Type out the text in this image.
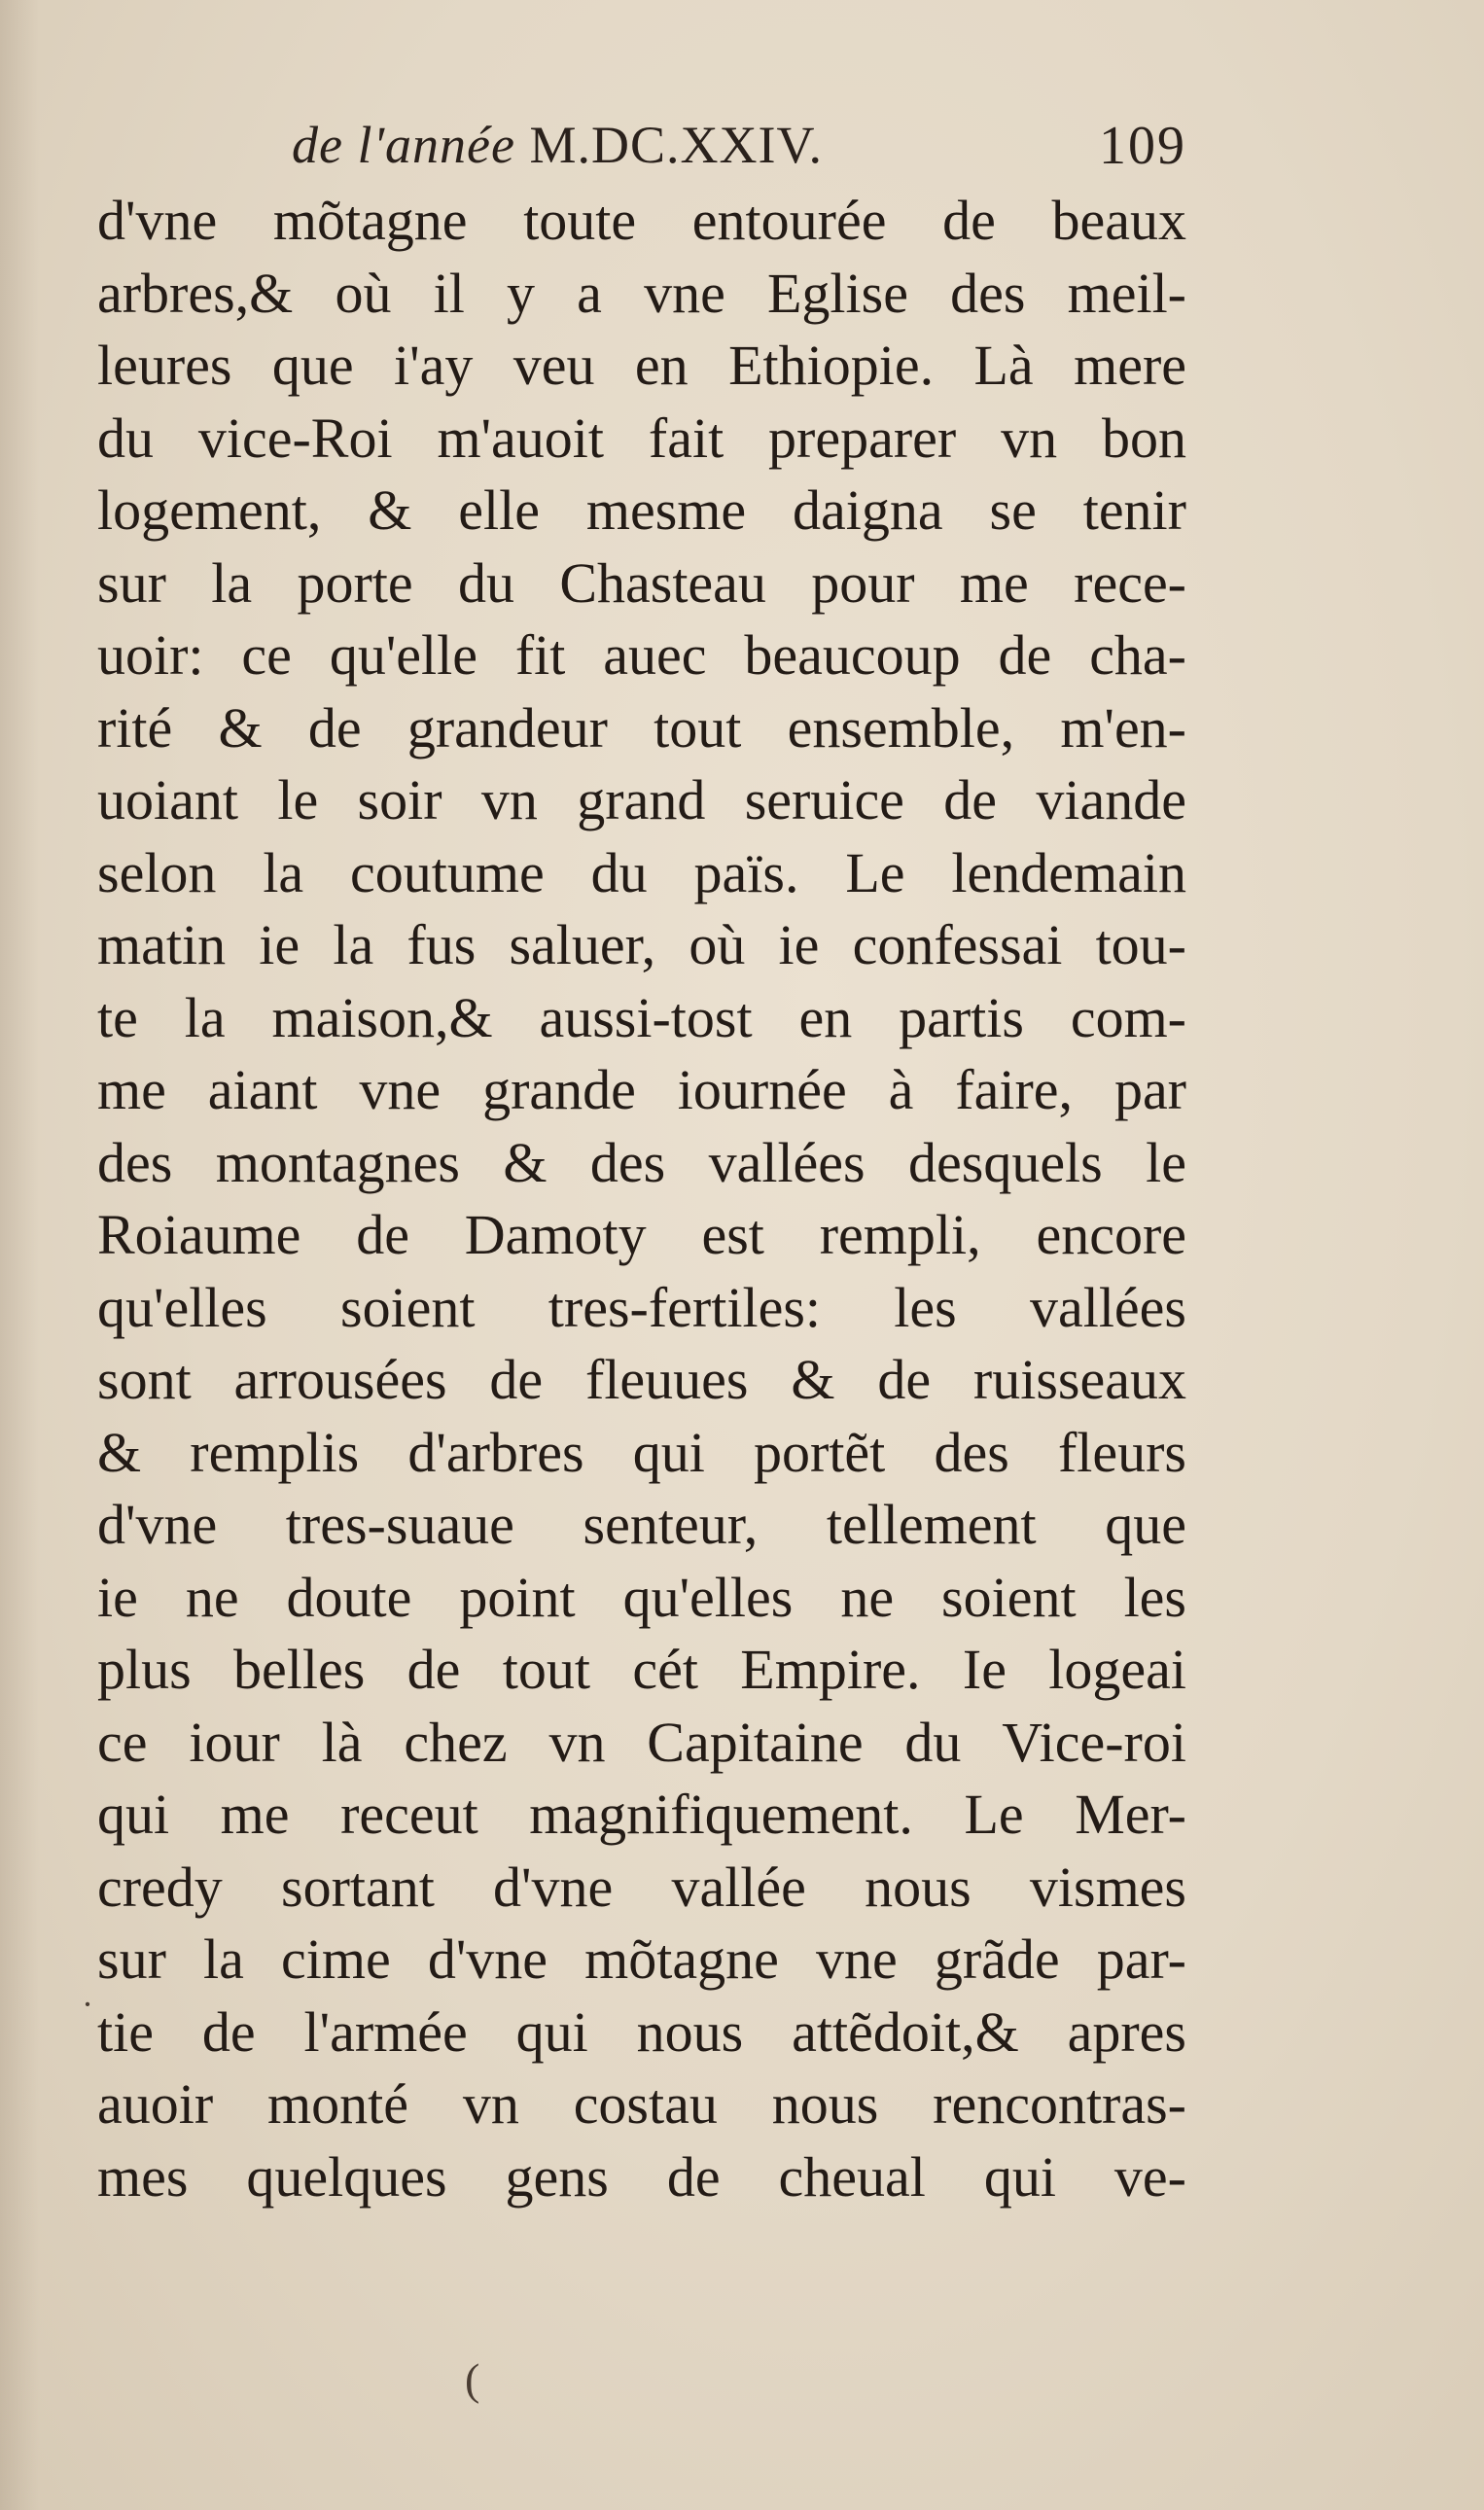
de l'année M.DC.XXIV.	109
d'vne mõtagne toute entourée de beaux
arbres,& où il y a vne Eglise des meil-
leures que i'ay veu en Ethiopie. Là mere
du vice-Roi m'auoit fait preparer vn bon
logement, & elle mesme daigna se tenir
sur la porte du Chasteau pour me rece-
uoir: ce qu'elle fit auec beaucoup de cha-
rité & de grandeur tout ensemble, m'en-
uoiant le soir vn grand seruice de viande
selon la coutume du païs. Le lendemain
matin ie la fus saluer, où ie confessai tou-
te la maison,& aussi-tost en partis com-
me aiant vne grande iournée à faire, par
des montagnes & des vallées desquels le
Roiaume de Damoty est rempli, encore
qu'elles soient tres-fertiles: les vallées
sont arrousées de fleuues & de ruisseaux
& remplis d'arbres qui portẽt des fleurs
d'vne tres-suaue senteur, tellement que
ie ne doute point qu'elles ne soient les
plus belles de tout cét Empire. Ie logeai
ce iour là chez vn Capitaine du Vice-roi
qui me receut magnifiquement. Le Mer-
credy sortant d'vne vallée nous vismes
sur la cime d'vne mõtagne vne grãde par-
tie de l'armée qui nous attẽdoit,& apres
auoir monté vn costau nous rencontras-
mes quelques gens de cheual qui ve-
(
·
